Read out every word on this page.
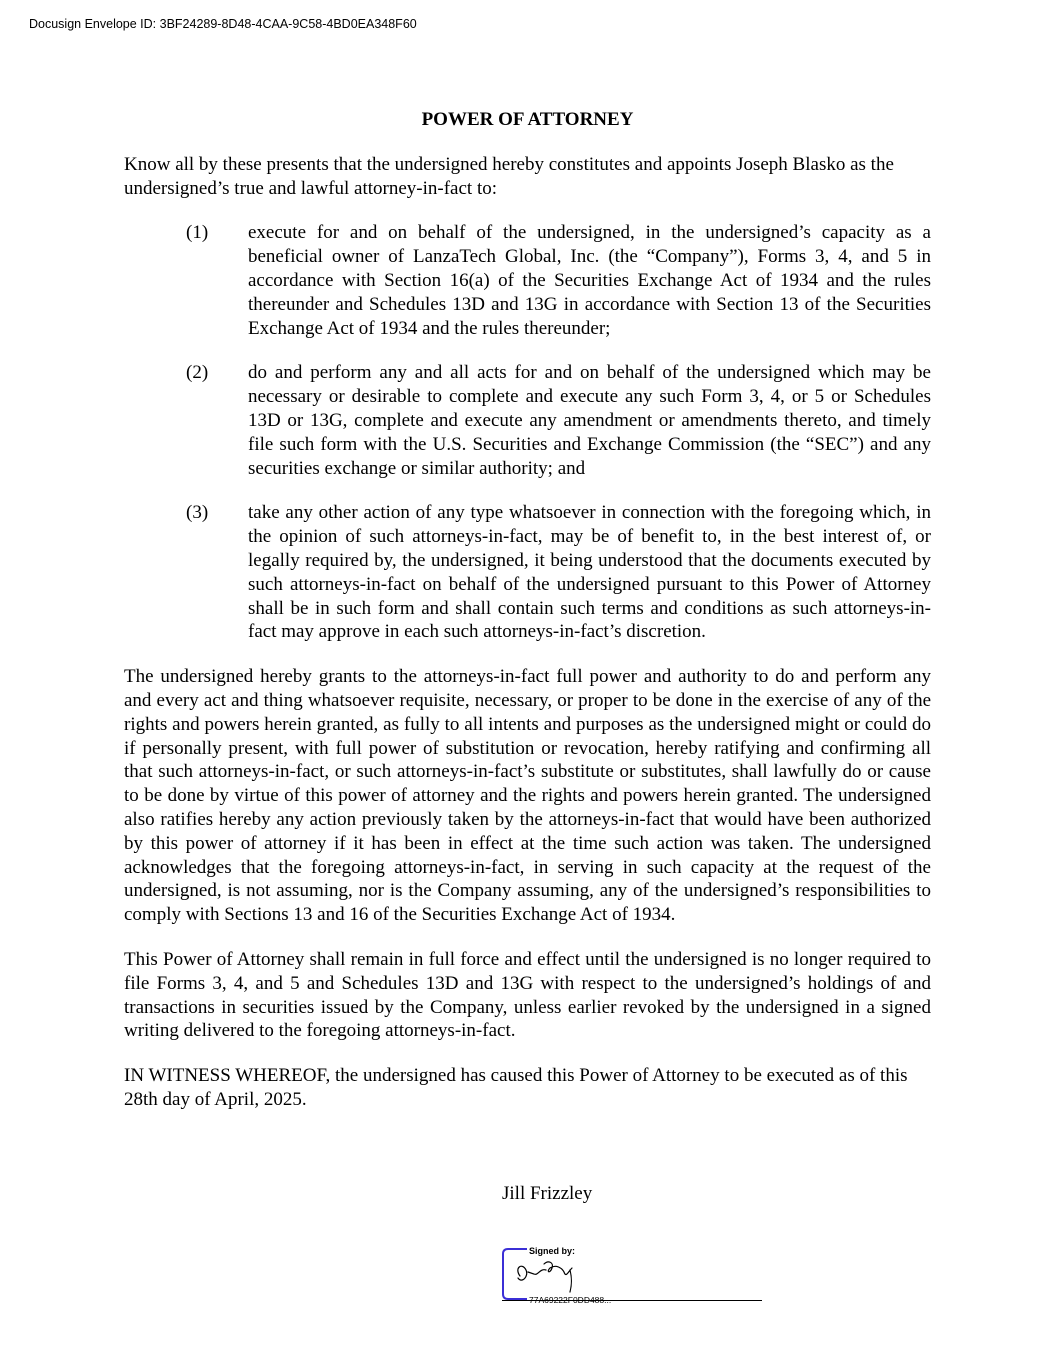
Docusign Envelope ID: 3BF24289-8D48-4CAA-9C58-4BD0EA348F60
POWER OF ATTORNEY

Know all by these presents that the undersigned hereby constitutes and appoints Joseph Blasko as the undersigned’s true and lawful attorney-in-fact to:

(1)	execute for and on behalf of the undersigned, in the undersigned’s capacity as a beneficial owner of LanzaTech Global, Inc. (the “Company”), Forms 3, 4, and 5 in accordance with Section 16(a) of the Securities Exchange Act of 1934 and the rules thereunder and Schedules 13D and 13G in accordance with Section 13 of the Securities Exchange Act of 1934 and the rules thereunder;
(2)	do and perform any and all acts for and on behalf of the undersigned which may be necessary or desirable to complete and execute any such Form 3, 4, or 5 or Schedules 13D or 13G, complete and execute any amendment or amendments thereto, and timely file such form with the U.S. Securities and Exchange Commission (the “SEC”) and any securities exchange or similar authority; and
(3)	take any other action of any type whatsoever in connection with the foregoing which, in the opinion of such attorneys-in-fact, may be of benefit to, in the best interest of, or legally required by, the undersigned, it being understood that the documents executed by such attorneys-in-fact on behalf of the undersigned pursuant to this Power of Attorney shall be in such form and shall contain such terms and conditions as such attorneys-in-fact may approve in each such attorneys-in-fact’s discretion.

The undersigned hereby grants to the attorneys-in-fact full power and authority to do and perform any and every act and thing whatsoever requisite, necessary, or proper to be done in the exercise of any of the rights and powers herein granted, as fully to all intents and purposes as the undersigned might or could do if personally present, with full power of substitution or revocation, hereby ratifying and confirming all that such attorneys-in-fact, or such attorneys-in-fact’s substitute or substitutes, shall lawfully do or cause to be done by virtue of this power of attorney and the rights and powers herein granted. The undersigned also ratifies hereby any action previously taken by the attorneys-in-fact that would have been authorized by this power of attorney if it has been in effect at the time such action was taken. The undersigned acknowledges that the foregoing attorneys-in-fact, in serving in such capacity at the request of the undersigned, is not assuming, nor is the Company assuming, any of the undersigned’s responsibilities to comply with Sections 13 and 16 of the Securities Exchange Act of 1934.

This Power of Attorney shall remain in full force and effect until the undersigned is no longer required to file Forms 3, 4, and 5 and Schedules 13D and 13G with respect to the undersigned’s holdings of and transactions in securities issued by the Company, unless earlier revoked by the undersigned in a signed writing delivered to the foregoing attorneys-in-fact.

IN WITNESS WHEREOF, the undersigned has caused this Power of Attorney to be executed as of this 28th day of April, 2025.

Jill Frizzley
Signed by:
77A69222F0DD488...
